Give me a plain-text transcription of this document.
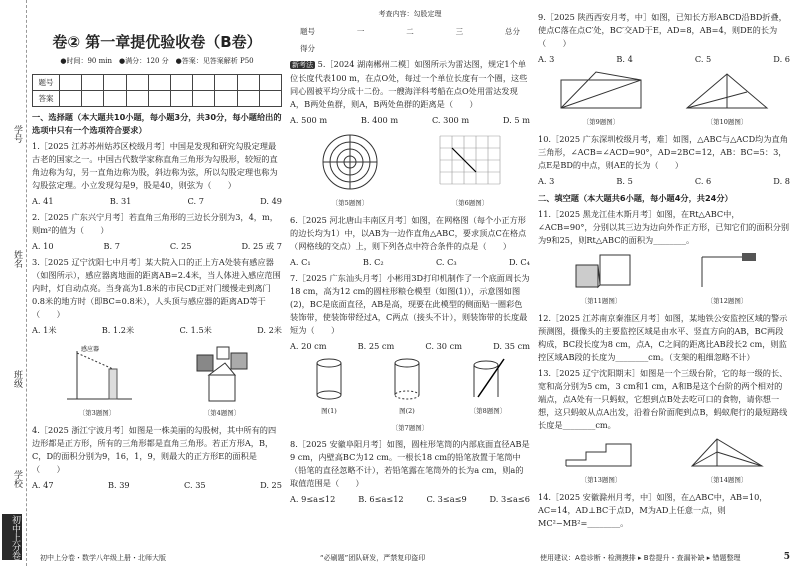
学号
姓名
班级
学校
初中上分卷
卷② 第一章提优验收卷（B卷）
●时间：90 min　●满分：120 分　●答案：见答案解析 P50
题号										
答案										
一、选择题（本大题共10小题，每小题3分，共30分，每小题给出的选项中只有一个选项符合要求）
1.［2025 江苏苏州姑苏区校级月考］中国是发现和研究勾股定理最古老的国家之一。中国古代数学家称直角三角形为勾股形，较短的直角边称为勾，另一直角边称为股，斜边称为弦，所以勾股定理也称为勾股弦定理。小立发现勾是9，股是40，则弦为（　　）
A. 41	B. 31	C. 7	D. 49
2.［2025 广东兴宁月考］若直角三角形的三边长分别为3，4，m，则m²的值为（　　）
A. 10	B. 7	C. 25	D. 25 或 7
3.［2025 辽宁沈阳七中月考］某大院入口的正上方A处装有感应器（如图所示），感应器离地面的距离AB=2.4米，当人体进入感应范围内时，灯自动点亮。当身高为1.8米的市民CD正对门缓慢走到离门0.8米的地方时（即BC=0.8米），人头顶与感应器的距离AD等于（　　）
A. 1米	B. 1.2米	C. 1.5米	D. 2米
感应器
〔第3题图〕	〔第4题图〕
4.［2025 浙江宁波月考］如图是一株美丽的勾股树，其中所有的四边形都是正方形，所有的三角形都是直角三角形。若正方形A，B，C，D的面积分别为9，16，1，9，则最大的正方形E的面积是（　　）
A. 47	B. 39	C. 35	D. 25
初中上分卷・数学八年级上册・北师大版
考查内容：勾股定理
题号	一	二	三	总分
得分
新考法 5.［2024 湖南郴州二模］如图所示为雷达图，规定1个单位长度代表100 m，在点O处，每过一个单位长度有一个圈，这些同心圆被平均分成十二份。一艘海洋科考船在点O处用雷达发现A，B两处鱼群，则A，B两处鱼群的距离是（　　）
A. 500 m	B. 400 m	C. 300 m	D. 5 m
〔第5题图〕	〔第6题图〕
6.［2025 河北唐山丰南区月考］如图，在网格图（每个小正方形的边长均为1）中，以AB为一边作直角△ABC，要求顶点C在格点（网格线的交点）上，则下列各点中符合条件的点是（　　）
A. C₁	B. C₂	C. C₃	D. C₄
7.［2025 广东汕头月考］小彬用3D打印机制作了一个底面周长为18 cm，高为12 cm的圆柱形粮仓模型（如图(1)），示意图如图(2)，BC是底面直径，AB是高，现要在此模型的侧面贴一圈彩色装饰带，使装饰带经过A，C两点（接头不计），则装饰带的长度最短为（　　）
A. 20 cm	B. 25 cm	C. 30 cm	D. 35 cm
图(1)	图(2)	〔第8题图〕
〔第7题图〕
8.［2025 安徽阜阳月考］如图，圆柱形笔筒的内部底面直径AB是9 cm，内壁高BC为12 cm。一根长18 cm的铅笔放置于笔筒中（铅笔的直径忽略不计），若铅笔露在笔筒外的长为a cm，则a的取值范围是（　　）
A. 9≤a≤12	B. 6≤a≤12	C. 3≤a≤9	D. 3≤a≤6
“必刷题”团队研发，严禁复印盗印
9.［2025 陕西西安月考，中］如图，已知长方形ABCD沿BD折叠，使点C落在点C′处，BC′交AD于E，AD=8，AB=4，则DE的长为（　　）
A. 3	B. 4	C. 5	D. 6
〔第9题图〕	〔第10题图〕
10.［2025 广东深圳校级月考，难］如图，△ABC与△ACD均为直角三角形，∠ACB=∠ACD=90°，AD=2BC=12，AB：BC=5：3，点E是BD的中点，则AE的长为（　　）
A. 3	B. 5	C. 6	D. 8
二、填空题（本大题共6小题，每小题4分，共24分）
11.［2025 黑龙江佳木斯月考］如图，在Rt△ABC中，∠ACB=90°，分别以其三边为边向外作正方形，已知它们的面积分别为9和25，则Rt△ABC的面积为________。
〔第11题图〕	〔第12题图〕
12.［2025 江苏南京秦淮区月考］如图，某地铁公安监控区域的警示预测图，摄像头的主要监控区域是由水平、竖直方向的AB，BC两段构成，BC段长度为8 cm，点A，C之间的距离比AB段长2 cm，则监控区域AB段的长度为________cm。（支架的粗细忽略不计）
13.［2025 辽宁沈阳期末］如图是一个三级台阶，它的每一级的长、宽和高分别为5 cm，3 cm和1 cm，A和B是这个台阶的两个相对的端点，点A处有一只蚂蚁，它想到点B处去吃可口的食物，请你想一想，这只蚂蚁从点A出发，沿着台阶面爬到点B，蚂蚁爬行的最短路线长度是________cm。
〔第13题图〕	〔第14题图〕
14.［2025 安徽滁州月考，中］如图，在△ABC中，AB=10，AC=14，AD⊥BC于点D，M为AD上任意一点，则MC²−MB²=________。
使用建议：A卷诊断・检测摸排 ▸ B卷提升・查漏补缺 ▸ 错题整理	5
